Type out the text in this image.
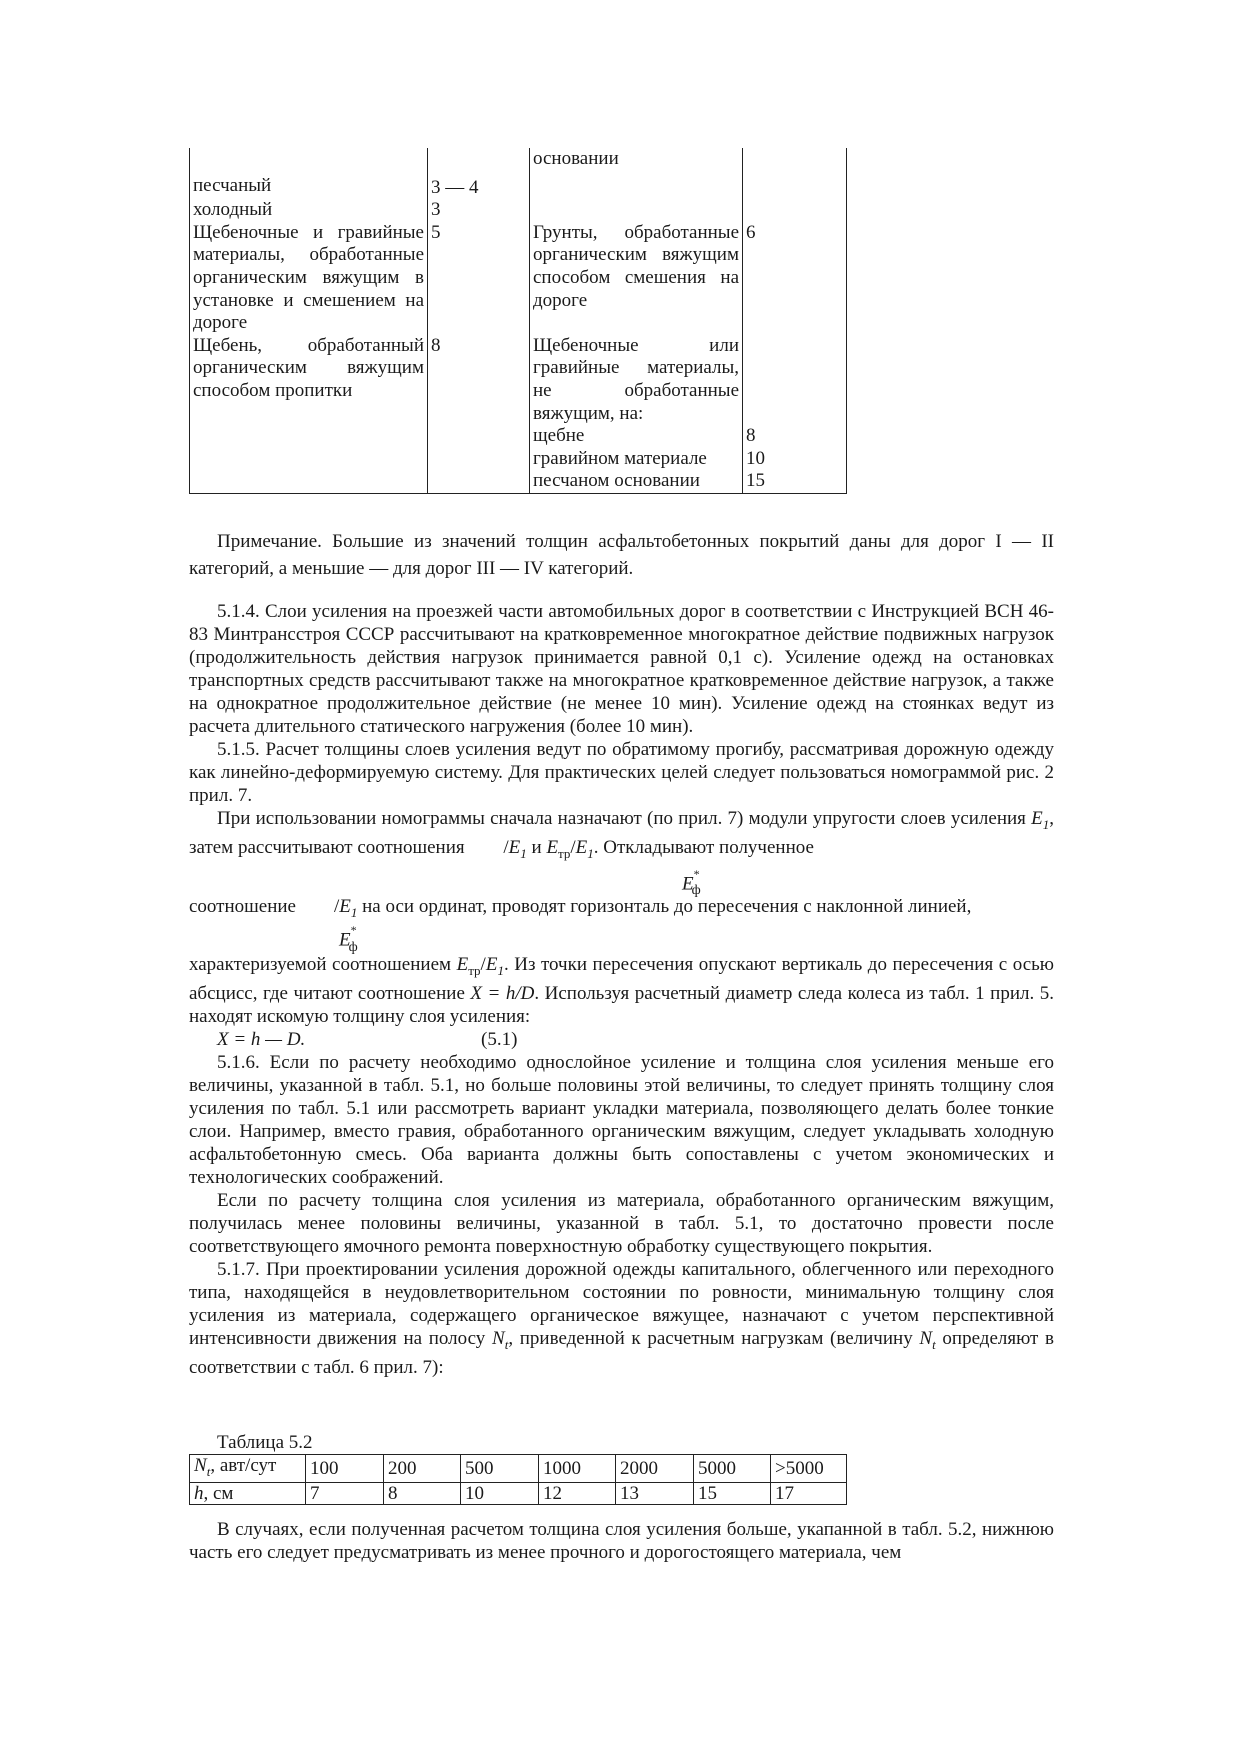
		основании	
песчаный	3 — 4		
холодный	3		

Щебеночные и гравийные материалы, обработанные органическим вяжущим в установке и смешением на дороге	5	Грунты, обработанные органическим вяжущим способом смешения на дороге	6

Щебень, обработанный органическим вяжущим способом пропитки	8	Щебеночные или гравийные материалы, не обработанные вяжущим, на:	

		щебне	8
		гравийном материале	10
		песчаном основании	15
Примечание. Большие из значений толщин асфальтобетонных покрытий даны для дорог I — II категорий, а меньшие — для дорог III — IV категорий.

5.1.4. Слои усиления на проезжей части автомобильных дорог в соответствии с Инструкцией ВСН 46-83 Минтрансстроя СССР рассчитывают на кратковременное многократное действие подвижных нагрузок (продолжительность действия нагрузок принимается равной 0,1 с). Усиление одежд на остановках транспортных средств рассчитывают также на многократное кратковременное действие нагрузок, а также на однократное продолжительное действие (не менее 10 мин). Усиление одежд на стоянках ведут из расчета длительного статического нагружения (более 10 мин).

5.1.5. Расчет толщины слоев усиления ведут по обратимому прогибу, рассматривая дорожную одежду как линейно-деформируемую систему. Для практических целей следует пользоваться номограммой рис. 2 прил. 7.

При использовании номограммы сначала назначают (по прил. 7) модули упругости слоев усиления $E_1$, затем рассчитывают соотношения $/E_1$ и $E_{тр}/E_1$. Откладывают полученное
$E^*_ф$
соотношение $/E_1$ на оси ординат, проводят горизонталь до пересечения с наклонной линией,
$E^*_ф$
характеризуемой соотношением $E_{тр}/E_1$. Из точки пересечения опускают вертикаль до пересечения с осью абсцисс, где читают соотношение X = h/D. Используя расчетный диаметр следа колеса из табл. 1 прил. 5. находят искомую толщину слоя усиления:
X = h — D.	(5.1)

5.1.6. Если по расчету необходимо однослойное усиление и толщина слоя усиления меньше его величины, указанной в табл. 5.1, но больше половины этой величины, то следует принять толщину слоя усиления по табл. 5.1 или рассмотреть вариант укладки материала, позволяющего делать более тонкие слои. Например, вместо гравия, обработанного органическим вяжущим, следует укладывать холодную асфальтобетонную смесь. Оба варианта должны быть сопоставлены с учетом экономических и технологических соображений.

Если по расчету толщина слоя усиления из материала, обработанного органическим вяжущим, получилась менее половины величины, указанной в табл. 5.1, то достаточно провести после соответствующего ямочного ремонта поверхностную обработку существующего покрытия.

5.1.7. При проектировании усиления дорожной одежды капитального, облегченного или переходного типа, находящейся в неудовлетворительном состоянии по ровности, минимальную толщину слоя усиления из материала, содержащего органическое вяжущее, назначают с учетом перспективной интенсивности движения на полосу $N_t$, приведенной к расчетным нагрузкам (величину $N_t$ определяют в соответствии с табл. 6 прил. 7):

Таблица 5.2
$N_t$, авт/сут	100	200	500	1000	2000	5000	>5000
h, см	7	8	10	12	13	15	17

В случаях, если полученная расчетом толщина слоя усиления больше, укапанной в табл. 5.2, нижнюю часть его следует предусматривать из менее прочного и дорогостоящего материала, чем
